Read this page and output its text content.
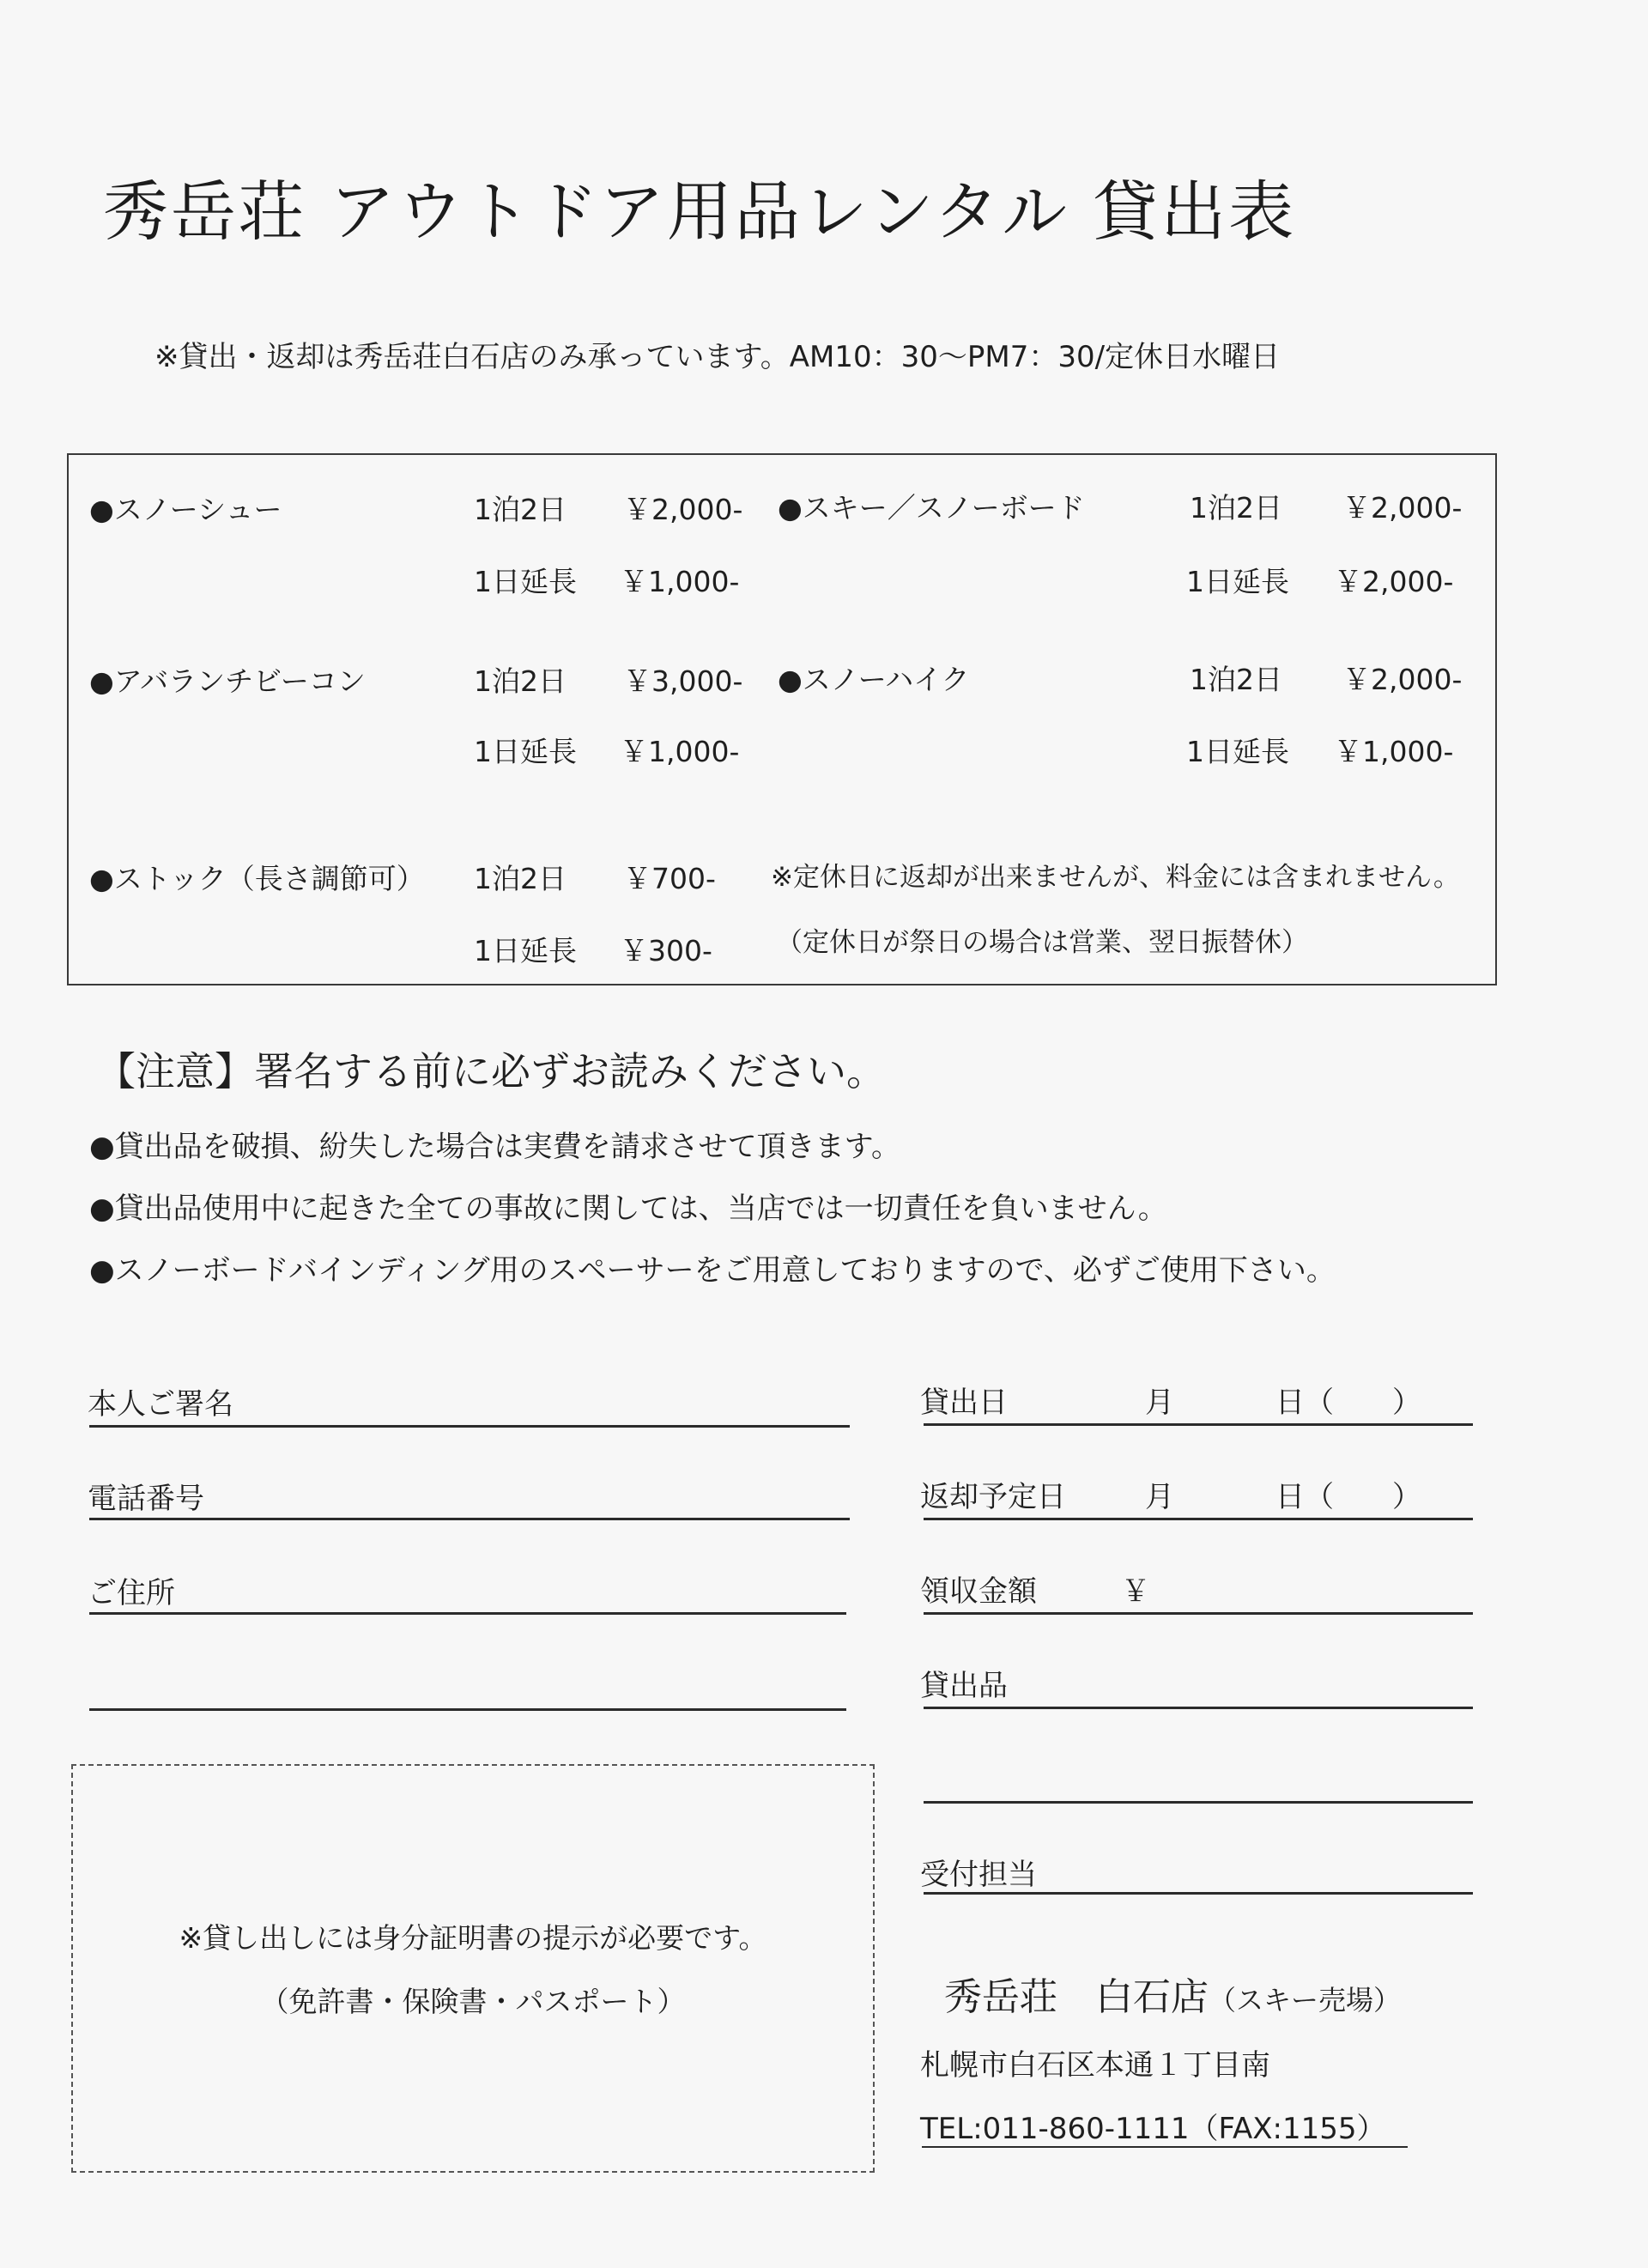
秀岳荘 アウトドア用品レンタル 貸出表
※貸出・返却は秀岳荘白石店のみ承っています。AM10：30～PM7：30/定休日水曜日
●スノーシュー	1泊2日 ￥2,000-
1日延長 ￥1,000-
●スキー／スノーボード	1泊2日 ￥2,000-
1日延長 ￥2,000-
●アバランチビーコン	1泊2日 ￥3,000-
1日延長 ￥1,000-
●スノーハイク	1泊2日 ￥2,000-
1日延長 ￥1,000-
●ストック（長さ調節可） 1泊2日 ￥700-
1日延長 ￥300-
※定休日に返却が出来ませんが、料金には含まれません。
（定休日が祭日の場合は営業、翌日振替休）
【注意】署名する前に必ずお読みください。
●貸出品を破損、紛失した場合は実費を請求させて頂きます。
●貸出品使用中に起きた全ての事故に関しては、当店では一切責任を負いません。
●スノーボードバインディング用のスペーサーをご用意しておりますので、必ずご使用下さい。
本人ご署名
電話番号
ご住所
貸出日	月	日（　　）
返却予定日	月	日（　　）
領収金額	￥
貸出品
受付担当
※貸し出しには身分証明書の提示が必要です。
（免許書・保険書・パスポート）	秀岳荘　白石店（スキー売場）
札幌市白石区本通１丁目南
TEL:011-860-1111（FAX:1155）
